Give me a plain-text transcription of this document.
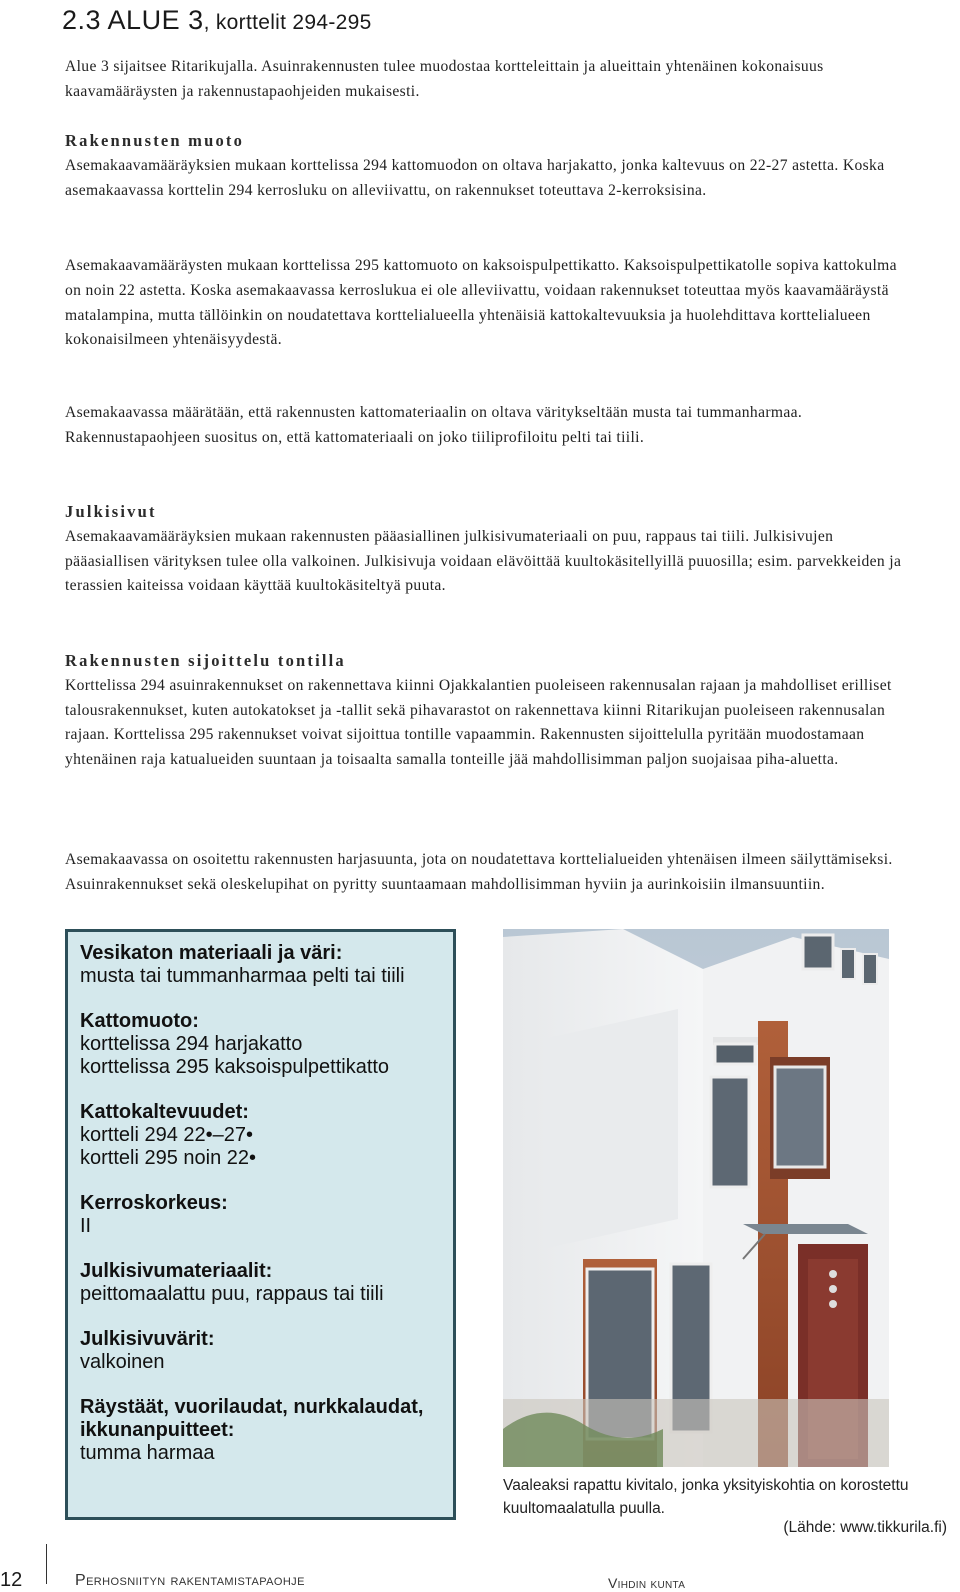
2.3 ALUE 3, korttelit 294-295

Alue 3 sijaitsee Ritarikujalla. Asuinrakennusten tulee muodostaa kortteleittain ja alueittain yhtenäinen kokonaisuus kaavamääräysten ja rakennustapaohjeiden mukaisesti.

Rakennusten muoto

Asemakaavamääräyksien mukaan korttelissa 294 kattomuodon on oltava harjakatto, jonka kaltevuus on 22-27 astetta. Koska asemakaavassa korttelin 294 kerrosluku on alleviivattu, on rakennukset toteuttava 2-kerroksisina.

Asemakaavamääräysten mukaan korttelissa 295 kattomuoto on kaksoispulpettikatto. Kaksoispulpettikatolle sopiva kattokulma on noin 22 astetta. Koska asemakaavassa kerroslukua ei ole alleviivattu, voidaan rakennukset toteuttaa myös kaavamääräystä matalampina, mutta tällöinkin on noudatettava korttelialueella yhtenäisiä kattokaltevuuksia ja huolehdittava korttelialueen kokonaisilmeen yhtenäisyydestä.

Asemakaavassa määrätään, että rakennusten kattomateriaalin on oltava väritykseltään musta tai tummanharmaa. Rakennustapaohjeen suositus on, että kattomateriaali on joko tiiliprofiloitu pelti tai tiili.

Julkisivut

Asemakaavamääräyksien mukaan rakennusten pääasiallinen julkisivumateriaali on puu, rappaus tai tiili. Julkisivujen pääasiallisen värityksen tulee olla valkoinen. Julkisivuja voidaan elävöittää kuultokäsitellyillä puuosilla; esim. parvekkeiden ja terassien kaiteissa voidaan käyttää kuultokäsiteltyä puuta.

Rakennusten sijoittelu tontilla

Korttelissa 294 asuinrakennukset on rakennettava kiinni Ojakkalantien puoleiseen rakennusalan rajaan ja mahdolliset erilliset talousrakennukset, kuten autokatokset ja -tallit sekä pihavarastot on rakennettava kiinni Ritarikujan puoleiseen rakennusalan rajaan. Korttelissa 295 rakennukset voivat sijoittua tontille vapaammin. Rakennusten sijoittelulla pyritään muodostamaan yhtenäinen raja katualueiden suuntaan ja toisaalta samalla tonteille jää mahdollisimman paljon suojaisaa piha-aluetta.

Asemakaavassa on osoitettu rakennusten harjasuunta, jota on noudatettava korttelialueiden yhtenäisen ilmeen säilyttämiseksi. Asuinrakennukset sekä oleskelupihat on pyritty suuntaamaan mahdollisimman hyviin ja aurinkoisiin ilmansuuntiin.

Vesikaton materiaali ja väri:
musta tai tummanharmaa pelti tai tiili
Kattomuoto:
korttelissa 294 harjakatto
korttelissa 295 kaksoispulpettikatto
Kattokaltevuudet:
kortteli 294 22•–27•
kortteli 295 noin 22•
Kerroskorkeus:
II
Julkisivumateriaalit:
peittomaalattu puu, rappaus tai tiili
Julkisivuvärit:
valkoinen
Räystäät, vuorilaudat, nurkkalaudat, ikkunanpuitteet:
tumma harmaa
Vaaleaksi rapattu kivitalo, jonka yksityiskohtia on korostettu kuultomaalatulla puulla.
(Lähde: www.tikkurila.fi)
12	Perhosniityn rakentamistapaohje	Vihdin kunta
